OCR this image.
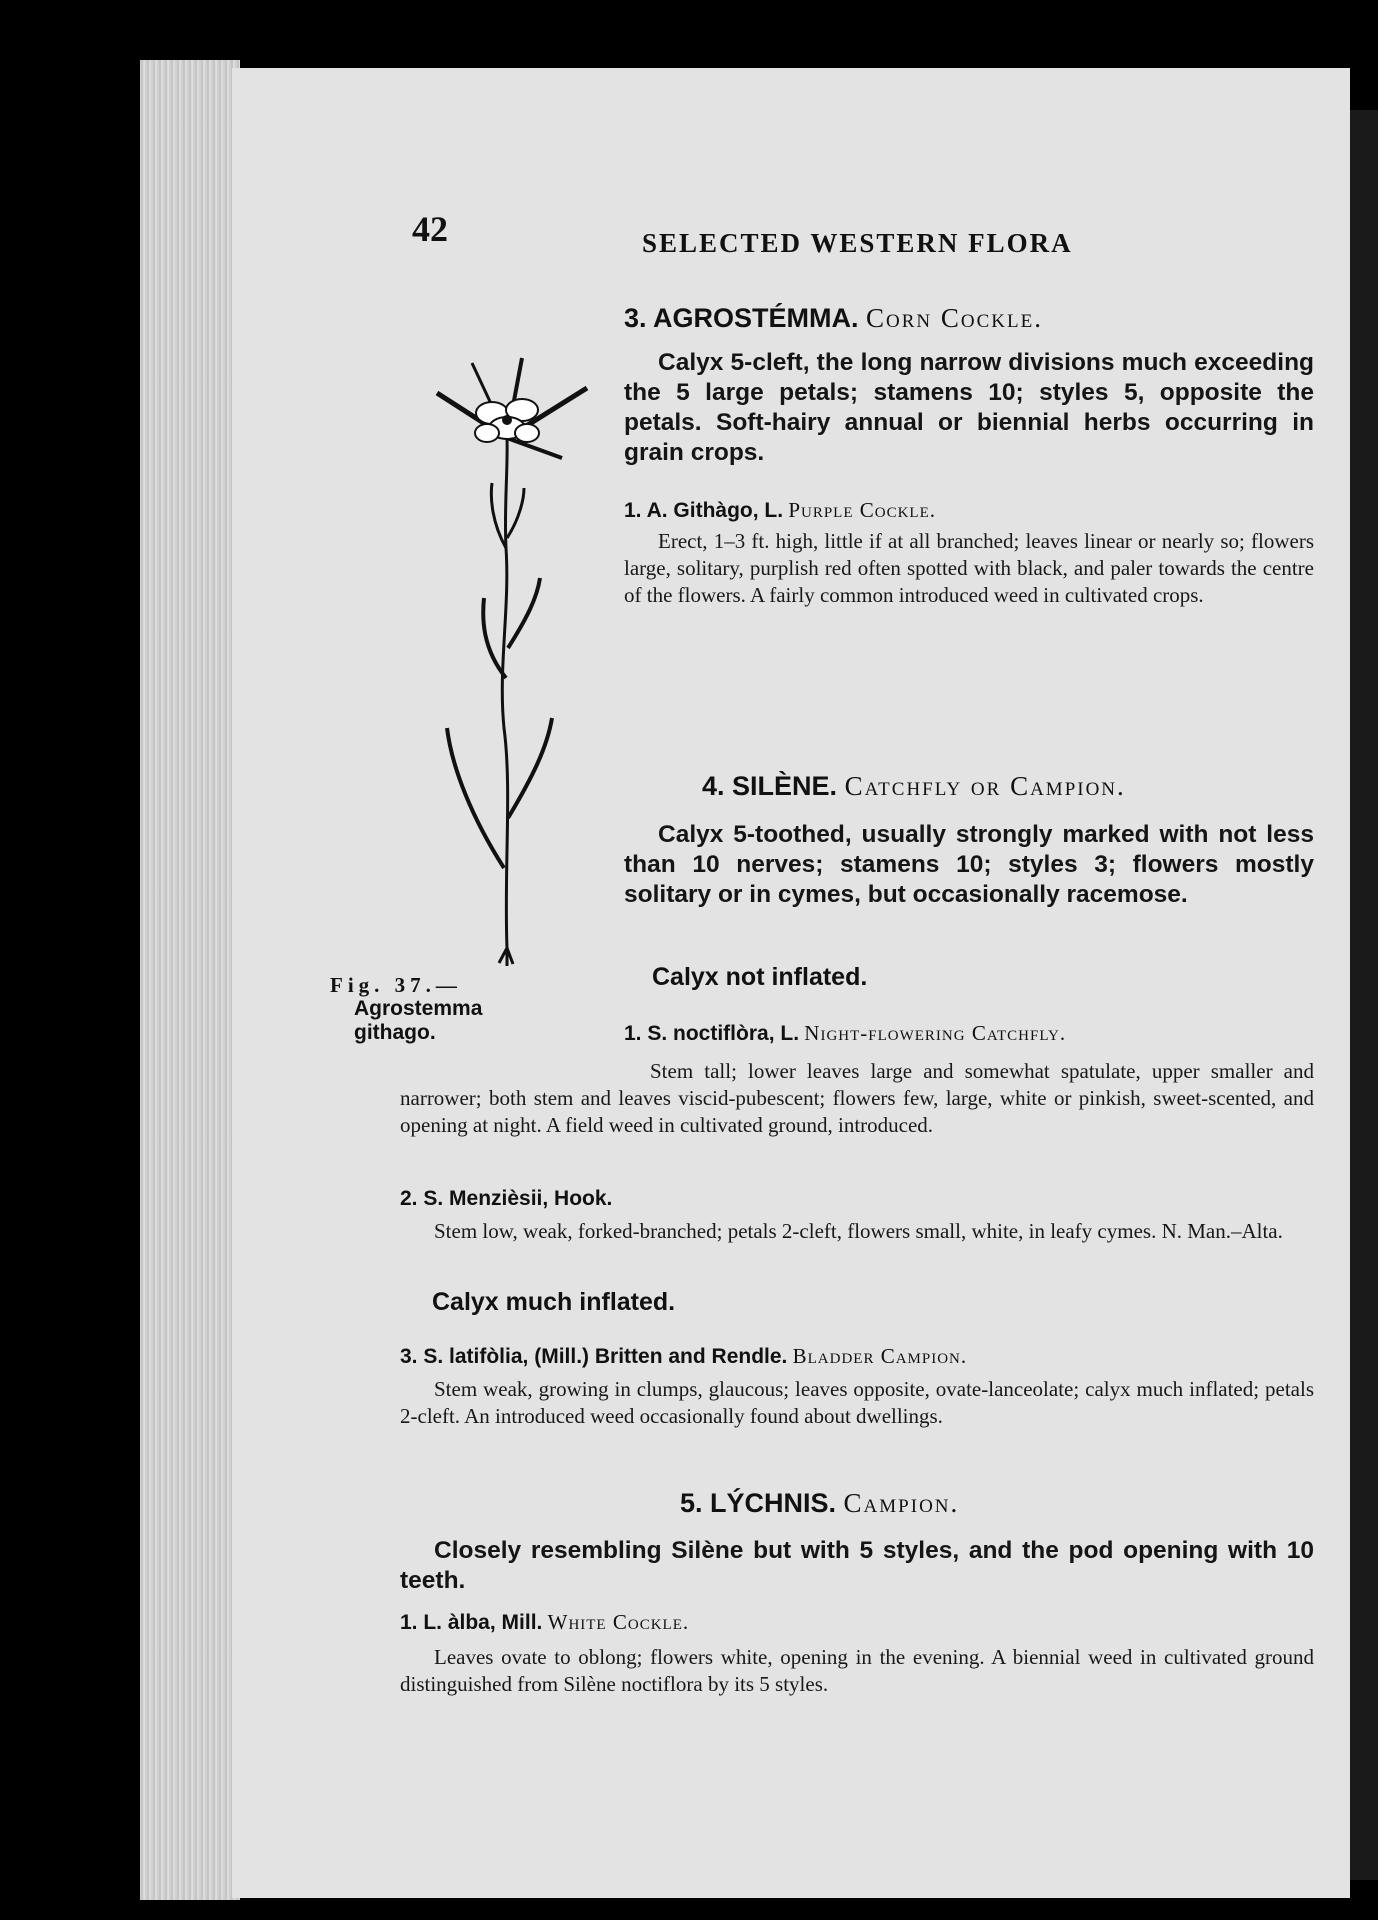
42	SELECTED WESTERN FLORA
3. AGROSTÉMMA. Corn Cockle.
Calyx 5-cleft, the long narrow divisions much exceeding the 5 large petals; stamens 10; styles 5, opposite the petals. Soft-hairy annual or biennial herbs occurring in grain crops.
1. A. Githàgo, L. Purple Cockle.
Erect, 1–3 ft. high, little if at all branched; leaves linear or nearly so; flowers large, solitary, purplish red often spotted with black, and paler towards the centre of the flowers. A fairly common introduced weed in cultivated crops.
Fig. 37.—
Agrostemma githago.
4. SILÈNE. Catchfly or Campion.
Calyx 5-toothed, usually strongly marked with not less than 10 nerves; stamens 10; styles 3; flowers mostly solitary or in cymes, but occasionally racemose.
Calyx not inflated.
1. S. noctiflòra, L. Night-flowering Catchfly.
Stem tall; lower leaves large and somewhat spatulate, upper smaller and narrower; both stem and leaves viscid-pubescent; flowers few, large, white or pinkish, sweet-scented, and opening at night. A field weed in cultivated ground, introduced.
2. S. Menzièsii, Hook.
Stem low, weak, forked-branched; petals 2-cleft, flowers small, white, in leafy cymes. N. Man.–Alta.
Calyx much inflated.
3. S. latifòlia, (Mill.) Britten and Rendle. Bladder Campion.
Stem weak, growing in clumps, glaucous; leaves opposite, ovate-lanceolate; calyx much inflated; petals 2-cleft. An introduced weed occasionally found about dwellings.
5. LÝCHNIS. Campion.
Closely resembling Silène but with 5 styles, and the pod opening with 10 teeth.
1. L. àlba, Mill. White Cockle.
Leaves ovate to oblong; flowers white, opening in the evening. A biennial weed in cultivated ground distinguished from Silène noctiflora by its 5 styles.
